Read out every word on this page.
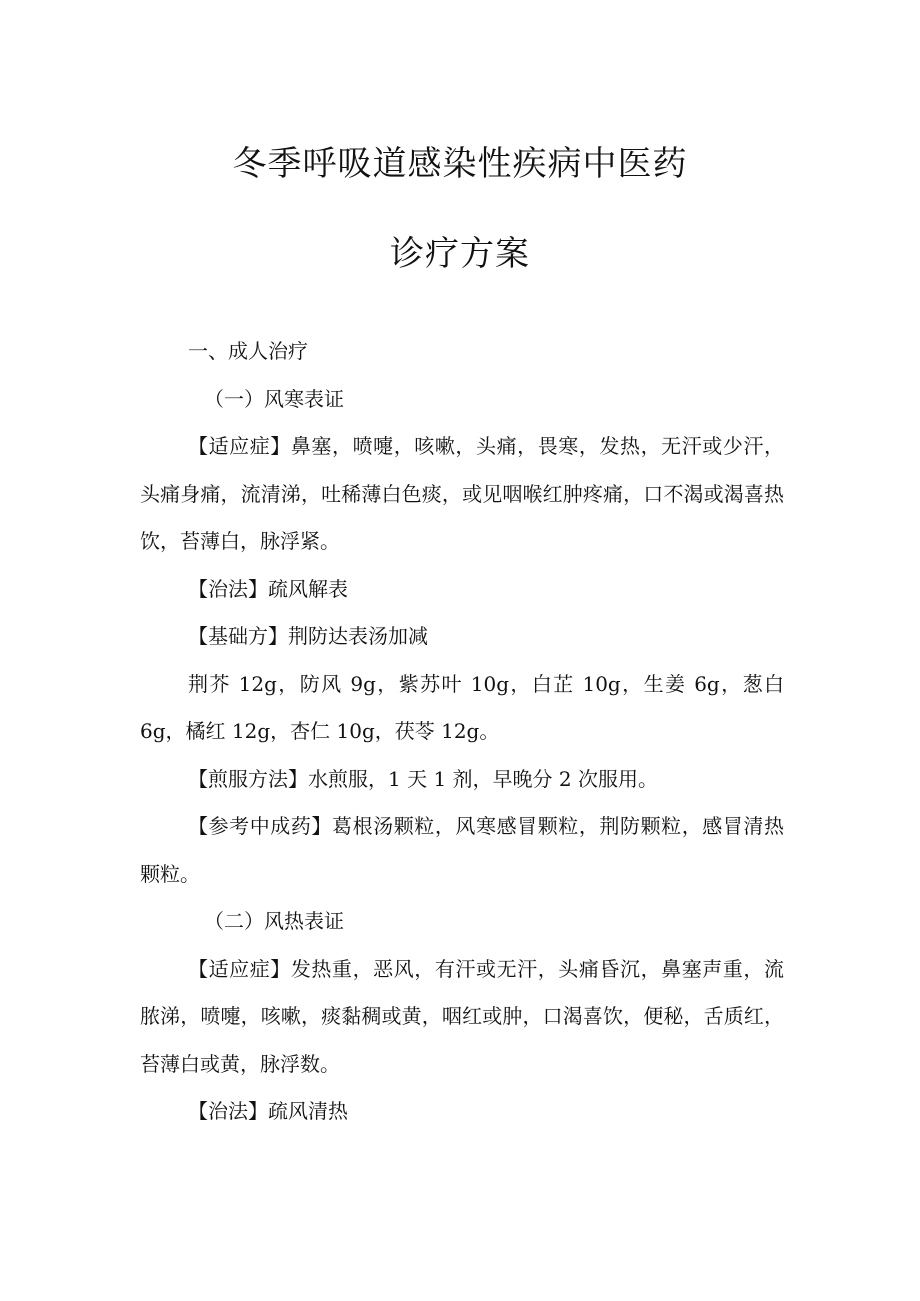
冬季呼吸道感染性疾病中医药
诊疗方案

一、成人治疗

（一）风寒表证

【适应症】鼻塞，喷嚏，咳嗽，头痛，畏寒，发热，无汗或少汗，头痛身痛，流清涕，吐稀薄白色痰，或见咽喉红肿疼痛，口不渴或渴喜热饮，苔薄白，脉浮紧。

【治法】疏风解表

【基础方】荆防达表汤加减

荆芥 12g，防风 9g，紫苏叶 10g，白芷 10g，生姜 6g，葱白 6g，橘红 12g，杏仁 10g，茯苓 12g。

【煎服方法】水煎服，1 天 1 剂，早晚分 2 次服用。

【参考中成药】葛根汤颗粒，风寒感冒颗粒，荆防颗粒，感冒清热颗粒。

（二）风热表证

【适应症】发热重，恶风，有汗或无汗，头痛昏沉，鼻塞声重，流脓涕，喷嚏，咳嗽，痰黏稠或黄，咽红或肿，口渴喜饮，便秘，舌质红，苔薄白或黄，脉浮数。

【治法】疏风清热
